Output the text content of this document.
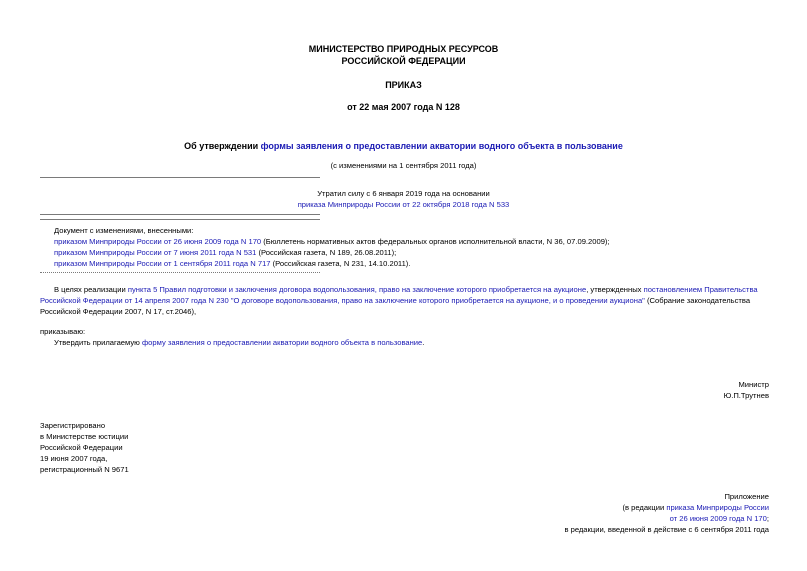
МИНИСТЕРСТВО ПРИРОДНЫХ РЕСУРСОВ
РОССИЙСКОЙ ФЕДЕРАЦИИ
ПРИКАЗ
от 22 мая 2007 года N 128
Об утверждении формы заявления о предоставлении акватории водного объекта в пользование
(с изменениями на 1 сентября 2011 года)
Утратил силу с 6 января 2019 года на основании
приказа Минприроды России от 22 октября 2018 года N 533
Документ с изменениями, внесенными:
приказом Минприроды России от 26 июня 2009 года N 170 (Бюллетень нормативных актов федеральных органов исполнительной власти, N 36, 07.09.2009);
приказом Минприроды России от 7 июня 2011 года N 531 (Российская газета, N 189, 26.08.2011);
приказом Минприроды России от 1 сентября 2011 года N 717 (Российская газета, N 231, 14.10.2011).
В целях реализации пункта 5 Правил подготовки и заключения договора водопользования, право на заключение которого приобретается на аукционе, утвержденных постановлением Правительства Российской Федерации от 14 апреля 2007 года N 230 "О договоре водопользования, право на заключение которого приобретается на аукционе, и о проведении аукциона" (Собрание законодательства Российской Федерации 2007, N 17, ст.2046),
приказываю:
Утвердить прилагаемую форму заявления о предоставлении акватории водного объекта в пользование.
Министр
Ю.П.Трутнев
Зарегистрировано
в Министерстве юстиции
Российской Федерации
19 июня 2007 года,
регистрационный N 9671
Приложение
(в редакции приказа Минприроды России
от 26 июня 2009 года N 170;
в редакции, введенной в действие с 6 сентября 2011 года
